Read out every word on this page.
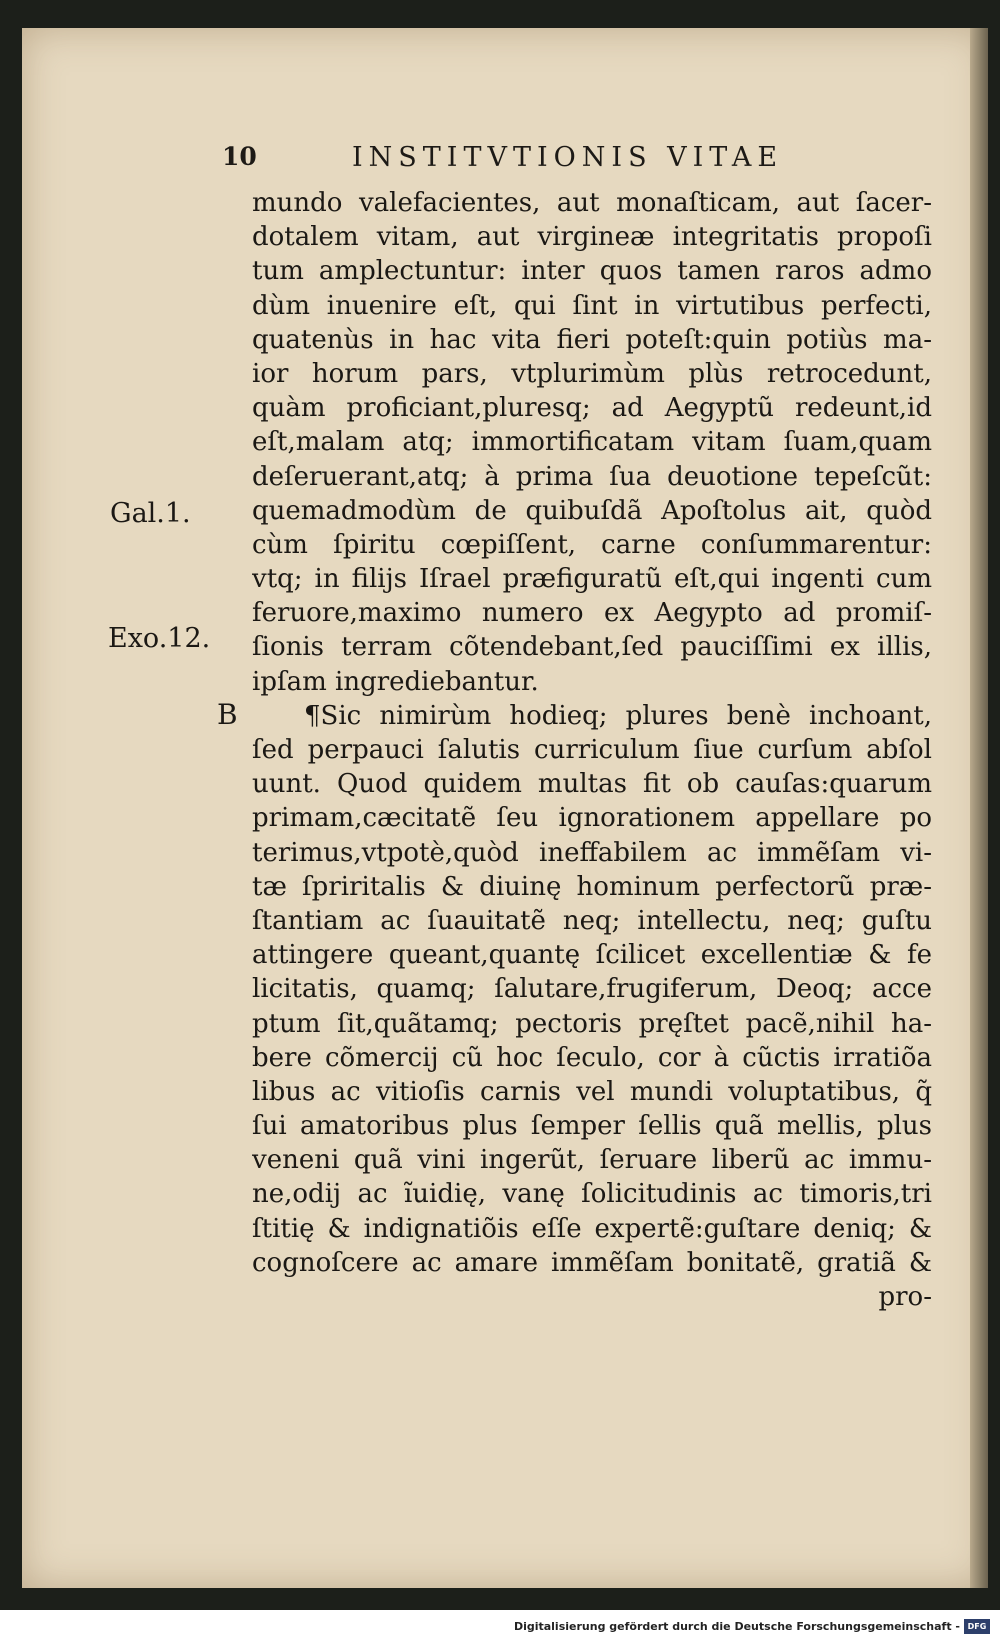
10	INSTITVTIONIS VITAE
Gal.1.
Exo.12.
B
mundo valefacientes, aut monaſticam, aut ſacer-
dotalem vitam, aut virgineæ integritatis propoſi
tum amplectuntur: inter quos tamen raros admo
dùm inuenire eſt, qui ſint in virtutibus perfecti,
quatenùs in hac vita fieri poteſt:quin potiùs ma-
ior horum pars, vtplurimùm plùs retrocedunt,
quàm proficiant,pluresq; ad Aegyptũ redeunt,id
eſt,malam atq; immortificatam vitam ſuam,quam
deſeruerant,atq; à prima ſua deuotione tepeſcũt:
quemadmodùm de quibuſdã Apoſtolus ait, quòd
cùm ſpiritu cœpiſſent, carne conſummarentur:
vtq; in filijs Iſrael præfiguratũ eſt,qui ingenti cum
feruore,maximo numero ex Aegypto ad promiſ-
ſionis terram cõtendebant,ſed pauciſſimi ex illis,
ipſam ingrediebantur.
¶Sic nimirùm hodieq; plures benè inchoant,
ſed perpauci ſalutis curriculum ſiue curſum abſol
uunt. Quod quidem multas fit ob cauſas:quarum
primam,cæcitatẽ ſeu ignorationem appellare po
terimus,vtpotè,quòd ineffabilem ac immẽſam vi-
tæ ſpriritalis & diuinę hominum perfectorũ præ-
ſtantiam ac ſuauitatẽ neq; intellectu, neq; guſtu
attingere queant,quantę ſcilicet excellentiæ & fe
licitatis, quamq; ſalutare,frugiferum, Deoq; acce
ptum ſit,quãtamq; pectoris pręſtet pacẽ,nihil ha-
bere cõmercij cũ hoc ſeculo, cor à cũctis irratiõa
libus ac vitioſis carnis vel mundi voluptatibus, q̃
ſui amatoribus plus ſemper ſellis quã mellis, plus
veneni quã vini ingerũt, ſeruare liberũ ac immu-
ne,odij ac ĩuidię, vanę ſolicitudinis ac timoris,tri
ſtitię & indignatiõis eſſe expertẽ:guſtare deniq; &
cognoſcere ac amare immẽſam bonitatẽ, gratiã &
pro-
Digitalisierung gefördert durch die Deutsche Forschungsgemeinschaft - DFG
